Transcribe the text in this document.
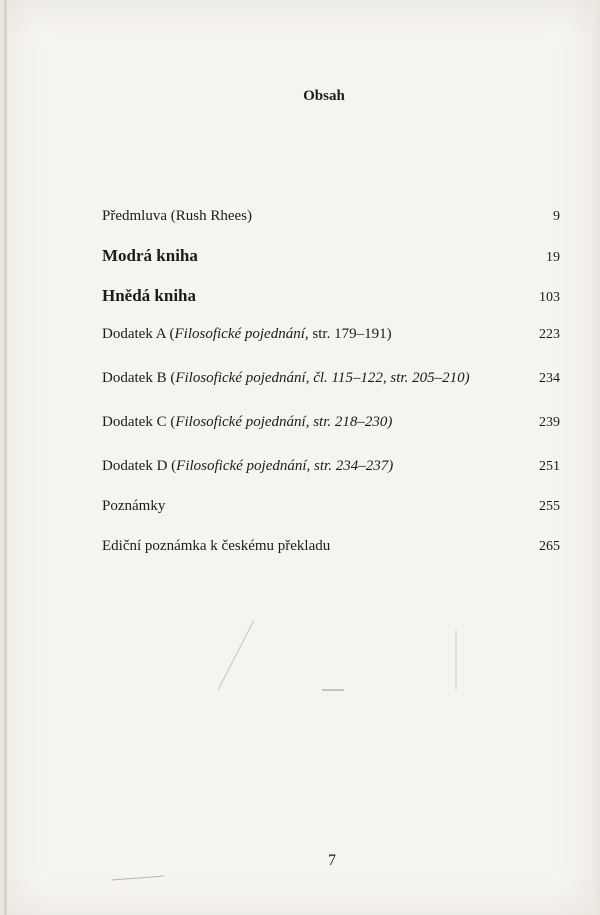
Obsah
Předmluva (Rush Rhees)	9
Modrá kniha	19
Hnědá kniha	103
Dodatek A (Filosofické pojednání, str. 179–191)	223
Dodatek B (Filosofické pojednání, čl. 115–122, str. 205–210)	234
Dodatek C (Filosofické pojednání, str. 218–230)	239
Dodatek D (Filosofické pojednání, str. 234–237)	251
Poznámky	255
Ediční poznámka k českému překladu	265
7
